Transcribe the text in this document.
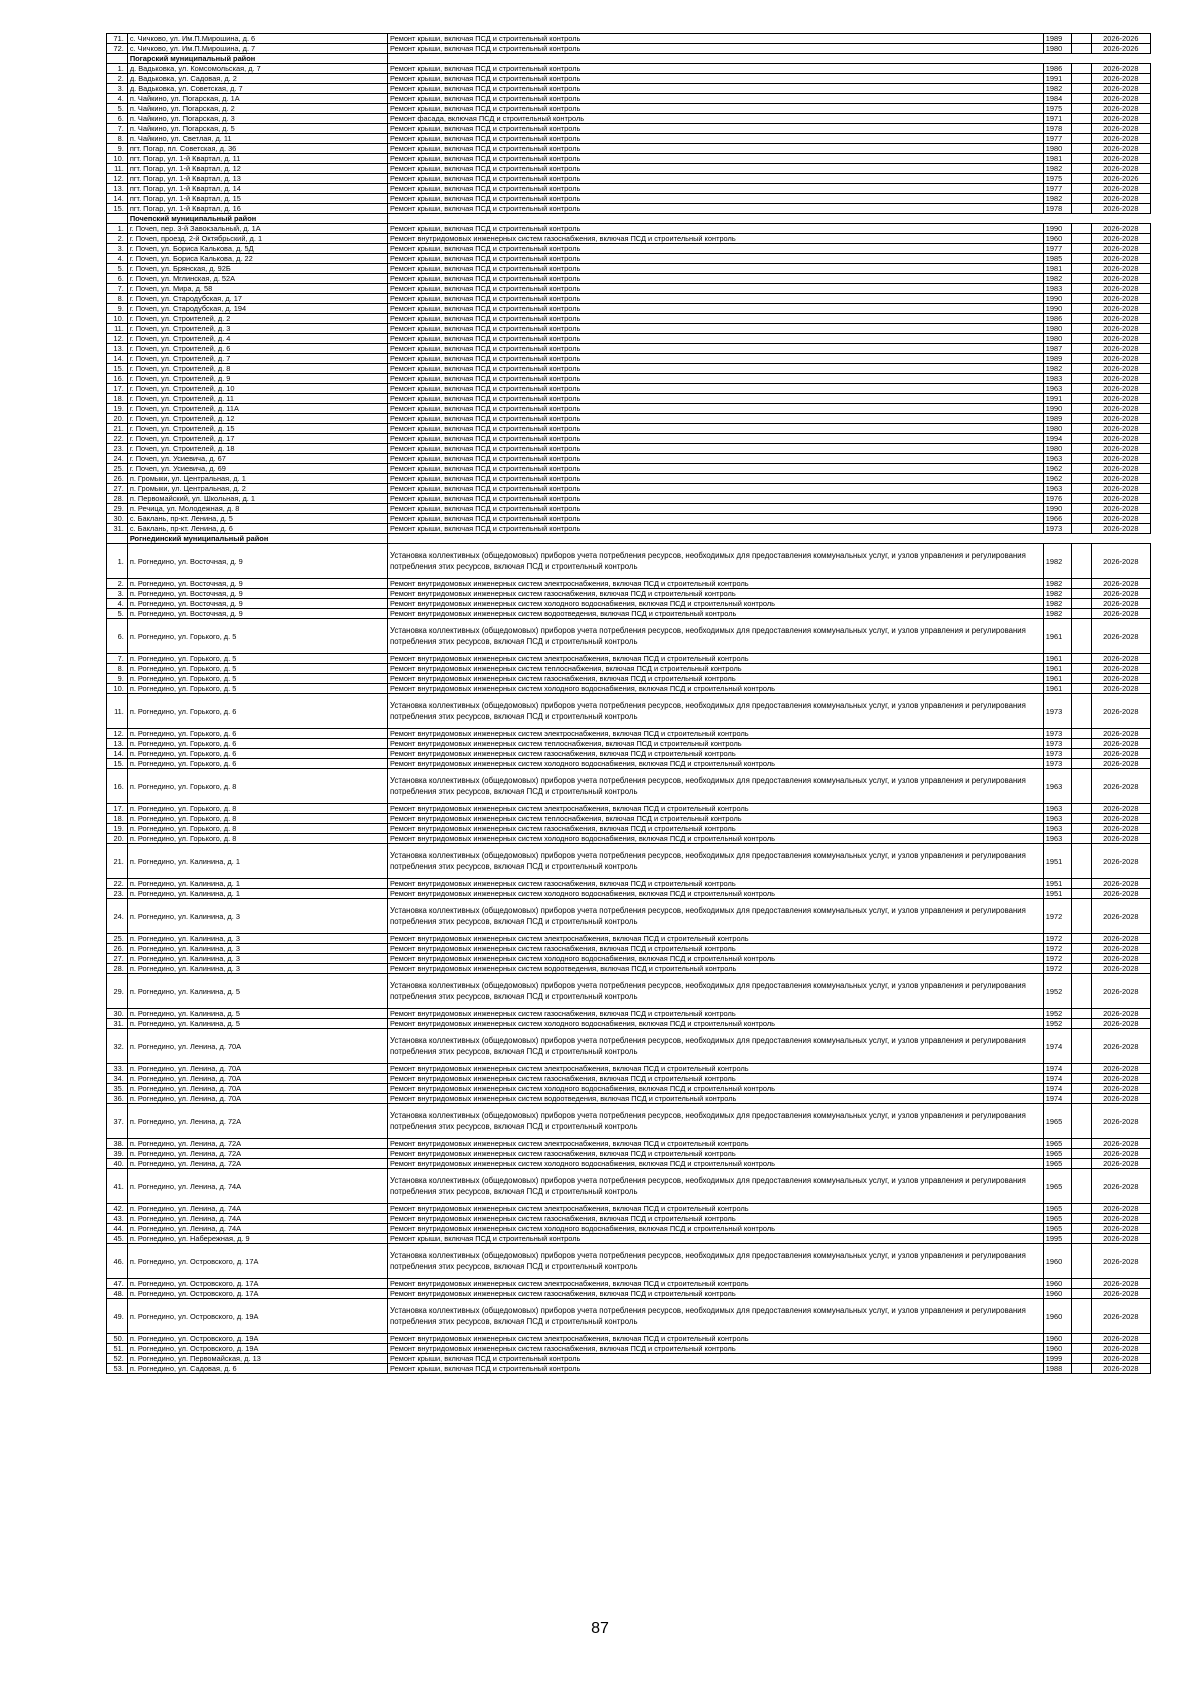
71.	с. Чичково, ул. Им.П.Мирошина, д. 6	Ремонт крыши, включая ПСД и строительный контроль	1989		2026-2026
72.	с. Чичково, ул. Им.П.Мирошина, д. 7	Ремонт крыши, включая ПСД и строительный контроль	1980		2026-2026
	Погарский муниципальный район				
1.	д. Вадьковка, ул. Комсомольская, д. 7	Ремонт крыши, включая ПСД и строительный контроль	1986		2026-2028
2.	д. Вадьковка, ул. Садовая, д. 2	Ремонт крыши, включая ПСД и строительный контроль	1991		2026-2028
3.	д. Вадьковка, ул. Советская, д. 7	Ремонт крыши, включая ПСД и строительный контроль	1982		2026-2028
4.	п. Чайкино, ул. Погарская, д. 1А	Ремонт крыши, включая ПСД и строительный контроль	1984		2026-2028
5.	п. Чайкино, ул. Погарская, д. 2	Ремонт крыши, включая ПСД и строительный контроль	1975		2026-2028
6.	п. Чайкино, ул. Погарская, д. 3	Ремонт фасада, включая ПСД и строительный контроль	1971		2026-2028
7.	п. Чайкино, ул. Погарская, д. 5	Ремонт крыши, включая ПСД и строительный контроль	1978		2026-2028
8.	п. Чайкино, ул. Светлая, д. 11	Ремонт крыши, включая ПСД и строительный контроль	1977		2026-2028
9.	пгт. Погар, пл. Советская, д. 36	Ремонт крыши, включая ПСД и строительный контроль	1980		2026-2028
10.	пгт. Погар, ул. 1-й Квартал, д. 11	Ремонт крыши, включая ПСД и строительный контроль	1981		2026-2028
11.	пгт. Погар, ул. 1-й Квартал, д. 12	Ремонт крыши, включая ПСД и строительный контроль	1982		2026-2028
12.	пгт. Погар, ул. 1-й Квартал, д. 13	Ремонт крыши, включая ПСД и строительный контроль	1975		2026-2026
13.	пгт. Погар, ул. 1-й Квартал, д. 14	Ремонт крыши, включая ПСД и строительный контроль	1977		2026-2028
14.	пгт. Погар, ул. 1-й Квартал, д. 15	Ремонт крыши, включая ПСД и строительный контроль	1982		2026-2028
15.	пгт. Погар, ул. 1-й Квартал, д. 16	Ремонт крыши, включая ПСД и строительный контроль	1978		2026-2028
	Почепский муниципальный район				
1.	г. Почеп, пер. 3-й Завокзальный, д. 1А	Ремонт крыши, включая ПСД и строительный контроль	1990		2026-2028
2.	г. Почеп, проезд. 2-й Октябрьский, д. 1	Ремонт внутридомовых инженерных систем газоснабжения, включая ПСД и строительный контроль	1960		2026-2028
3.	г. Почеп, ул. Бориса Калькова, д. 5Д	Ремонт крыши, включая ПСД и строительный контроль	1977		2026-2028
4.	г. Почеп, ул. Бориса Калькова, д. 22	Ремонт крыши, включая ПСД и строительный контроль	1985		2026-2028
5.	г. Почеп, ул. Брянская, д. 92Б	Ремонт крыши, включая ПСД и строительный контроль	1981		2026-2028
6.	г. Почеп, ул. Мглинская, д. 52А	Ремонт крыши, включая ПСД и строительный контроль	1982		2026-2028
7.	г. Почеп, ул. Мира, д. 58	Ремонт крыши, включая ПСД и строительный контроль	1983		2026-2028
8.	г. Почеп, ул. Стародубская, д. 17	Ремонт крыши, включая ПСД и строительный контроль	1990		2026-2028
9.	г. Почеп, ул. Стародубская, д. 194	Ремонт крыши, включая ПСД и строительный контроль	1990		2026-2028
10.	г. Почеп, ул. Строителей, д. 2	Ремонт крыши, включая ПСД и строительный контроль	1986		2026-2028
11.	г. Почеп, ул. Строителей, д. 3	Ремонт крыши, включая ПСД и строительный контроль	1980		2026-2028
12.	г. Почеп, ул. Строителей, д. 4	Ремонт крыши, включая ПСД и строительный контроль	1980		2026-2028
13.	г. Почеп, ул. Строителей, д. 6	Ремонт крыши, включая ПСД и строительный контроль	1987		2026-2028
14.	г. Почеп, ул. Строителей, д. 7	Ремонт крыши, включая ПСД и строительный контроль	1989		2026-2028
15.	г. Почеп, ул. Строителей, д. 8	Ремонт крыши, включая ПСД и строительный контроль	1982		2026-2028
16.	г. Почеп, ул. Строителей, д. 9	Ремонт крыши, включая ПСД и строительный контроль	1983		2026-2028
17.	г. Почеп, ул. Строителей, д. 10	Ремонт крыши, включая ПСД и строительный контроль	1963		2026-2028
18.	г. Почеп, ул. Строителей, д. 11	Ремонт крыши, включая ПСД и строительный контроль	1991		2026-2028
19.	г. Почеп, ул. Строителей, д. 11А	Ремонт крыши, включая ПСД и строительный контроль	1990		2026-2028
20.	г. Почеп, ул. Строителей, д. 12	Ремонт крыши, включая ПСД и строительный контроль	1989		2026-2028
21.	г. Почеп, ул. Строителей, д. 15	Ремонт крыши, включая ПСД и строительный контроль	1980		2026-2028
22.	г. Почеп, ул. Строителей, д. 17	Ремонт крыши, включая ПСД и строительный контроль	1994		2026-2028
23.	г. Почеп, ул. Строителей, д. 18	Ремонт крыши, включая ПСД и строительный контроль	1980		2026-2028
24.	г. Почеп, ул. Усиевича, д. 67	Ремонт крыши, включая ПСД и строительный контроль	1963		2026-2028
25.	г. Почеп, ул. Усиевича, д. 69	Ремонт крыши, включая ПСД и строительный контроль	1962		2026-2028
26.	п. Громыки, ул. Центральная, д. 1	Ремонт крыши, включая ПСД и строительный контроль	1962		2026-2028
27.	п. Громыки, ул. Центральная, д. 2	Ремонт крыши, включая ПСД и строительный контроль	1963		2026-2028
28.	п. Первомайский, ул. Школьная, д. 1	Ремонт крыши, включая ПСД и строительный контроль	1976		2026-2028
29.	п. Речица, ул. Молодежная, д. 8	Ремонт крыши, включая ПСД и строительный контроль	1990		2026-2028
30.	с. Баклань, пр-кт. Ленина, д. 5	Ремонт крыши, включая ПСД и строительный контроль	1966		2026-2028
31.	с. Баклань, пр-кт. Ленина, д. 6	Ремонт крыши, включая ПСД и строительный контроль	1973		2026-2028
	Рогнединский муниципальный район				
1.	п. Рогнедино, ул. Восточная, д. 9	Установка коллективных (общедомовых) приборов учета потребления ресурсов, необходимых для предоставления коммунальных услуг, и узлов управления и регулирования потребления этих ресурсов, включая ПСД и строительный контроль	1982		2026-2028
2.	п. Рогнедино, ул. Восточная, д. 9	Ремонт внутридомовых инженерных систем электроснабжения, включая ПСД и строительный контроль	1982		2026-2028
3.	п. Рогнедино, ул. Восточная, д. 9	Ремонт внутридомовых инженерных систем газоснабжения, включая ПСД и строительный контроль	1982		2026-2028
4.	п. Рогнедино, ул. Восточная, д. 9	Ремонт внутридомовых инженерных систем холодного водоснабжения, включая ПСД и строительный контроль	1982		2026-2028
5.	п. Рогнедино, ул. Восточная, д. 9	Ремонт внутридомовых инженерных систем водоотведения, включая ПСД и строительный контроль	1982		2026-2028
6.	п. Рогнедино, ул. Горького, д. 5	Установка коллективных (общедомовых) приборов учета потребления ресурсов, необходимых для предоставления коммунальных услуг, и узлов управления и регулирования потребления этих ресурсов, включая ПСД и строительный контроль	1961		2026-2028
7.	п. Рогнедино, ул. Горького, д. 5	Ремонт внутридомовых инженерных систем электроснабжения, включая ПСД и строительный контроль	1961		2026-2028
8.	п. Рогнедино, ул. Горького, д. 5	Ремонт внутридомовых инженерных систем теплоснабжения, включая ПСД и строительный контроль	1961		2026-2028
9.	п. Рогнедино, ул. Горького, д. 5	Ремонт внутридомовых инженерных систем газоснабжения, включая ПСД и строительный контроль	1961		2026-2028
10.	п. Рогнедино, ул. Горького, д. 5	Ремонт внутридомовых инженерных систем холодного водоснабжения, включая ПСД и строительный контроль	1961		2026-2028
11.	п. Рогнедино, ул. Горького, д. 6	Установка коллективных (общедомовых) приборов учета потребления ресурсов, необходимых для предоставления коммунальных услуг, и узлов управления и регулирования потребления этих ресурсов, включая ПСД и строительный контроль	1973		2026-2028
12.	п. Рогнедино, ул. Горького, д. 6	Ремонт внутридомовых инженерных систем электроснабжения, включая ПСД и строительный контроль	1973		2026-2028
13.	п. Рогнедино, ул. Горького, д. 6	Ремонт внутридомовых инженерных систем теплоснабжения, включая ПСД и строительный контроль	1973		2026-2028
14.	п. Рогнедино, ул. Горького, д. 6	Ремонт внутридомовых инженерных систем газоснабжения, включая ПСД и строительный контроль	1973		2026-2028
15.	п. Рогнедино, ул. Горького, д. 6	Ремонт внутридомовых инженерных систем холодного водоснабжения, включая ПСД и строительный контроль	1973		2026-2028
16.	п. Рогнедино, ул. Горького, д. 8	Установка коллективных (общедомовых) приборов учета потребления ресурсов, необходимых для предоставления коммунальных услуг, и узлов управления и регулирования потребления этих ресурсов, включая ПСД и строительный контроль	1963		2026-2028
17.	п. Рогнедино, ул. Горького, д. 8	Ремонт внутридомовых инженерных систем электроснабжения, включая ПСД и строительный контроль	1963		2026-2028
18.	п. Рогнедино, ул. Горького, д. 8	Ремонт внутридомовых инженерных систем теплоснабжения, включая ПСД и строительный контроль	1963		2026-2028
19.	п. Рогнедино, ул. Горького, д. 8	Ремонт внутридомовых инженерных систем газоснабжения, включая ПСД и строительный контроль	1963		2026-2028
20.	п. Рогнедино, ул. Горького, д. 8	Ремонт внутридомовых инженерных систем холодного водоснабжения, включая ПСД и строительный контроль	1963		2026-2028
21.	п. Рогнедино, ул. Калинина, д. 1	Установка коллективных (общедомовых) приборов учета потребления ресурсов, необходимых для предоставления коммунальных услуг, и узлов управления и регулирования потребления этих ресурсов, включая ПСД и строительный контроль	1951		2026-2028
22.	п. Рогнедино, ул. Калинина, д. 1	Ремонт внутридомовых инженерных систем газоснабжения, включая ПСД и строительный контроль	1951		2026-2028
23.	п. Рогнедино, ул. Калинина, д. 1	Ремонт внутридомовых инженерных систем холодного водоснабжения, включая ПСД и строительный контроль	1951		2026-2028
24.	п. Рогнедино, ул. Калинина, д. 3	Установка коллективных (общедомовых) приборов учета потребления ресурсов, необходимых для предоставления коммунальных услуг, и узлов управления и регулирования потребления этих ресурсов, включая ПСД и строительный контроль	1972		2026-2028
25.	п. Рогнедино, ул. Калинина, д. 3	Ремонт внутридомовых инженерных систем электроснабжения, включая ПСД и строительный контроль	1972		2026-2028
26.	п. Рогнедино, ул. Калинина, д. 3	Ремонт внутридомовых инженерных систем газоснабжения, включая ПСД и строительный контроль	1972		2026-2028
27.	п. Рогнедино, ул. Калинина, д. 3	Ремонт внутридомовых инженерных систем холодного водоснабжения, включая ПСД и строительный контроль	1972		2026-2028
28.	п. Рогнедино, ул. Калинина, д. 3	Ремонт внутридомовых инженерных систем водоотведения, включая ПСД и строительный контроль	1972		2026-2028
29.	п. Рогнедино, ул. Калинина, д. 5	Установка коллективных (общедомовых) приборов учета потребления ресурсов, необходимых для предоставления коммунальных услуг, и узлов управления и регулирования потребления этих ресурсов, включая ПСД и строительный контроль	1952		2026-2028
30.	п. Рогнедино, ул. Калинина, д. 5	Ремонт внутридомовых инженерных систем газоснабжения, включая ПСД и строительный контроль	1952		2026-2028
31.	п. Рогнедино, ул. Калинина, д. 5	Ремонт внутридомовых инженерных систем холодного водоснабжения, включая ПСД и строительный контроль	1952		2026-2028
32.	п. Рогнедино, ул. Ленина, д. 70А	Установка коллективных (общедомовых) приборов учета потребления ресурсов, необходимых для предоставления коммунальных услуг, и узлов управления и регулирования потребления этих ресурсов, включая ПСД и строительный контроль	1974		2026-2028
33.	п. Рогнедино, ул. Ленина, д. 70А	Ремонт внутридомовых инженерных систем электроснабжения, включая ПСД и строительный контроль	1974		2026-2028
34.	п. Рогнедино, ул. Ленина, д. 70А	Ремонт внутридомовых инженерных систем газоснабжения, включая ПСД и строительный контроль	1974		2026-2028
35.	п. Рогнедино, ул. Ленина, д. 70А	Ремонт внутридомовых инженерных систем холодного водоснабжения, включая ПСД и строительный контроль	1974		2026-2028
36.	п. Рогнедино, ул. Ленина, д. 70А	Ремонт внутридомовых инженерных систем водоотведения, включая ПСД и строительный контроль	1974		2026-2028
37.	п. Рогнедино, ул. Ленина, д. 72А	Установка коллективных (общедомовых) приборов учета потребления ресурсов, необходимых для предоставления коммунальных услуг, и узлов управления и регулирования потребления этих ресурсов, включая ПСД и строительный контроль	1965		2026-2028
38.	п. Рогнедино, ул. Ленина, д. 72А	Ремонт внутридомовых инженерных систем электроснабжения, включая ПСД и строительный контроль	1965		2026-2028
39.	п. Рогнедино, ул. Ленина, д. 72А	Ремонт внутридомовых инженерных систем газоснабжения, включая ПСД и строительный контроль	1965		2026-2028
40.	п. Рогнедино, ул. Ленина, д. 72А	Ремонт внутридомовых инженерных систем холодного водоснабжения, включая ПСД и строительный контроль	1965		2026-2028
41.	п. Рогнедино, ул. Ленина, д. 74А	Установка коллективных (общедомовых) приборов учета потребления ресурсов, необходимых для предоставления коммунальных услуг, и узлов управления и регулирования потребления этих ресурсов, включая ПСД и строительный контроль	1965		2026-2028
42.	п. Рогнедино, ул. Ленина, д. 74А	Ремонт внутридомовых инженерных систем электроснабжения, включая ПСД и строительный контроль	1965		2026-2028
43.	п. Рогнедино, ул. Ленина, д. 74А	Ремонт внутридомовых инженерных систем газоснабжения, включая ПСД и строительный контроль	1965		2026-2028
44.	п. Рогнедино, ул. Ленина, д. 74А	Ремонт внутридомовых инженерных систем холодного водоснабжения, включая ПСД и строительный контроль	1965		2026-2028
45.	п. Рогнедино, ул. Набережная, д. 9	Ремонт крыши, включая ПСД и строительный контроль	1995		2026-2028
46.	п. Рогнедино, ул. Островского, д. 17А	Установка коллективных (общедомовых) приборов учета потребления ресурсов, необходимых для предоставления коммунальных услуг, и узлов управления и регулирования потребления этих ресурсов, включая ПСД и строительный контроль	1960		2026-2028
47.	п. Рогнедино, ул. Островского, д. 17А	Ремонт внутридомовых инженерных систем электроснабжения, включая ПСД и строительный контроль	1960		2026-2028
48.	п. Рогнедино, ул. Островского, д. 17А	Ремонт внутридомовых инженерных систем газоснабжения, включая ПСД и строительный контроль	1960		2026-2028
49.	п. Рогнедино, ул. Островского, д. 19А	Установка коллективных (общедомовых) приборов учета потребления ресурсов, необходимых для предоставления коммунальных услуг, и узлов управления и регулирования потребления этих ресурсов, включая ПСД и строительный контроль	1960		2026-2028
50.	п. Рогнедино, ул. Островского, д. 19А	Ремонт внутридомовых инженерных систем электроснабжения, включая ПСД и строительный контроль	1960		2026-2028
51.	п. Рогнедино, ул. Островского, д. 19А	Ремонт внутридомовых инженерных систем газоснабжения, включая ПСД и строительный контроль	1960		2026-2028
52.	п. Рогнедино, ул. Первомайская, д. 13	Ремонт крыши, включая ПСД и строительный контроль	1999		2026-2028
53.	п. Рогнедино, ул. Садовая, д. 6	Ремонт крыши, включая ПСД и строительный контроль	1988		2026-2028
87
